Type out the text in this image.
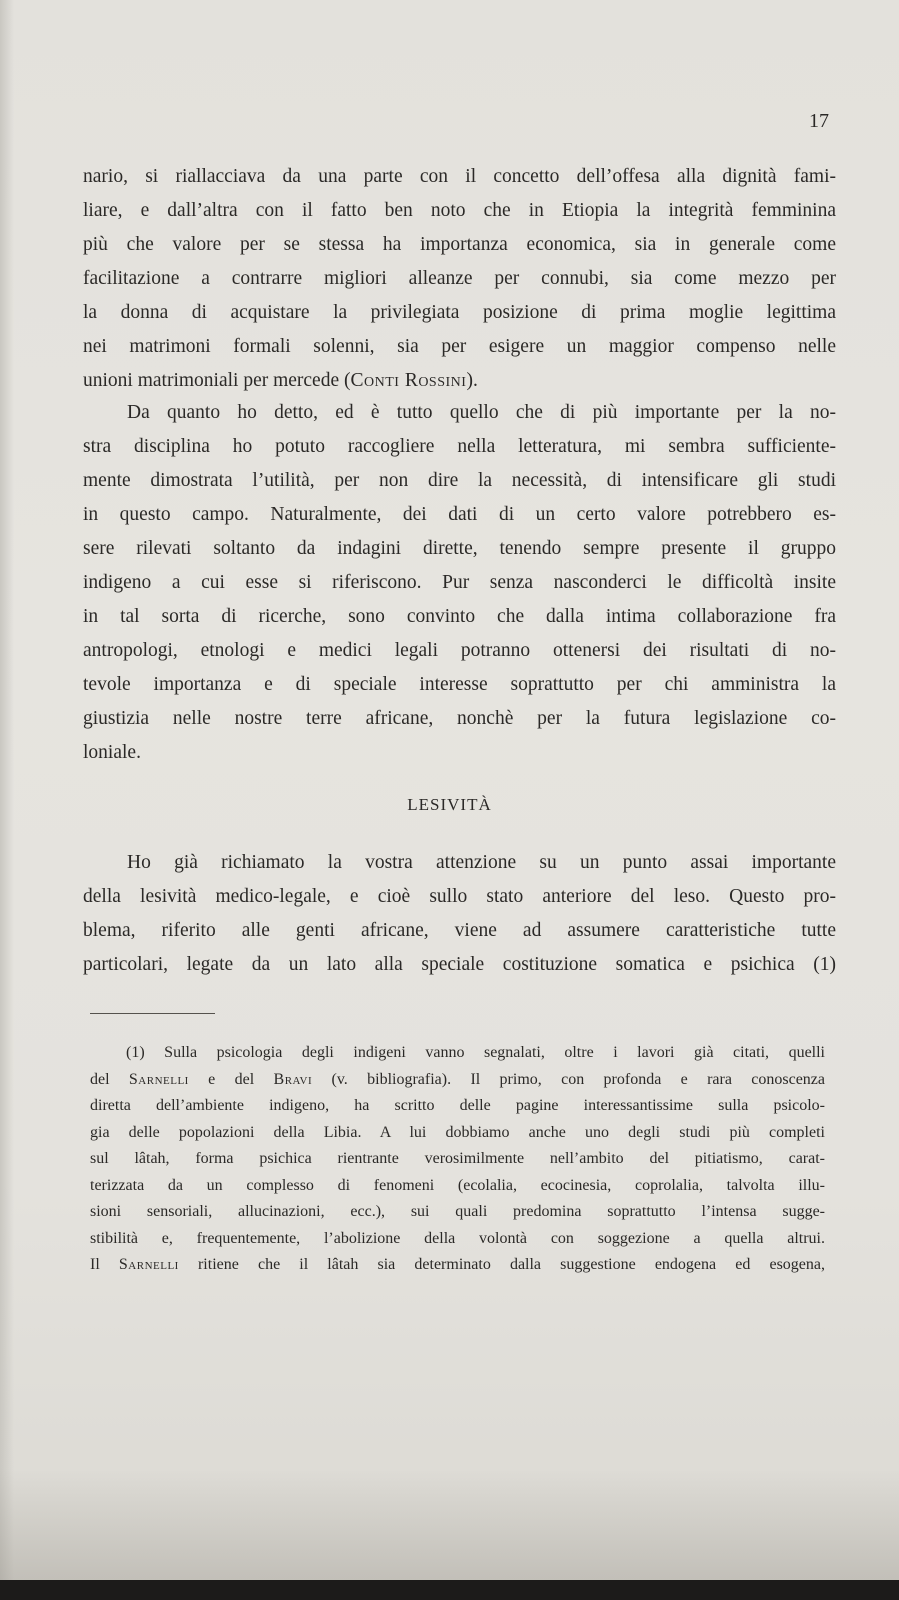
17
nario, si riallacciava da una parte con il concetto dell’offesa alla dignità fami-
liare, e dall’altra con il fatto ben noto che in Etiopia la integrità femminina
più che valore per se stessa ha importanza economica, sia in generale come
facilitazione a contrarre migliori alleanze per connubi, sia come mezzo per
la donna di acquistare la privilegiata posizione di prima moglie legittima
nei matrimoni formali solenni, sia per esigere un maggior compenso nelle
unioni matrimoniali per mercede (Conti Rossini).
Da quanto ho detto, ed è tutto quello che di più importante per la no-
stra disciplina ho potuto raccogliere nella letteratura, mi sembra sufficiente-
mente dimostrata l’utilità, per non dire la necessità, di intensificare gli studi
in questo campo. Naturalmente, dei dati di un certo valore potrebbero es-
sere rilevati soltanto da indagini dirette, tenendo sempre presente il gruppo
indigeno a cui esse si riferiscono. Pur senza nasconderci le difficoltà insite
in tal sorta di ricerche, sono convinto che dalla intima collaborazione fra
antropologi, etnologi e medici legali potranno ottenersi dei risultati di no-
tevole importanza e di speciale interesse soprattutto per chi amministra la
giustizia nelle nostre terre africane, nonchè per la futura legislazione co-
loniale.
LESIVITÀ
Ho già richiamato la vostra attenzione su un punto assai importante
della lesività medico-legale, e cioè sullo stato anteriore del leso. Questo pro-
blema, riferito alle genti africane, viene ad assumere caratteristiche tutte
particolari, legate da un lato alla speciale costituzione somatica e psichica (1)
(1) Sulla psicologia degli indigeni vanno segnalati, oltre i lavori già citati, quelli
del Sarnelli e del Bravi (v. bibliografia). Il primo, con profonda e rara conoscenza
diretta dell’ambiente indigeno, ha scritto delle pagine interessantissime sulla psicolo-
gia delle popolazioni della Libia. A lui dobbiamo anche uno degli studi più completi
sul lâtah, forma psichica rientrante verosimilmente nell’ambito del pitiatismo, carat-
terizzata da un complesso di fenomeni (ecolalia, ecocinesia, coprolalia, talvolta illu-
sioni sensoriali, allucinazioni, ecc.), sui quali predomina soprattutto l’intensa sugge-
stibilità e, frequentemente, l’abolizione della volontà con soggezione a quella altrui.
Il Sarnelli ritiene che il lâtah sia determinato dalla suggestione endogena ed esogena,
